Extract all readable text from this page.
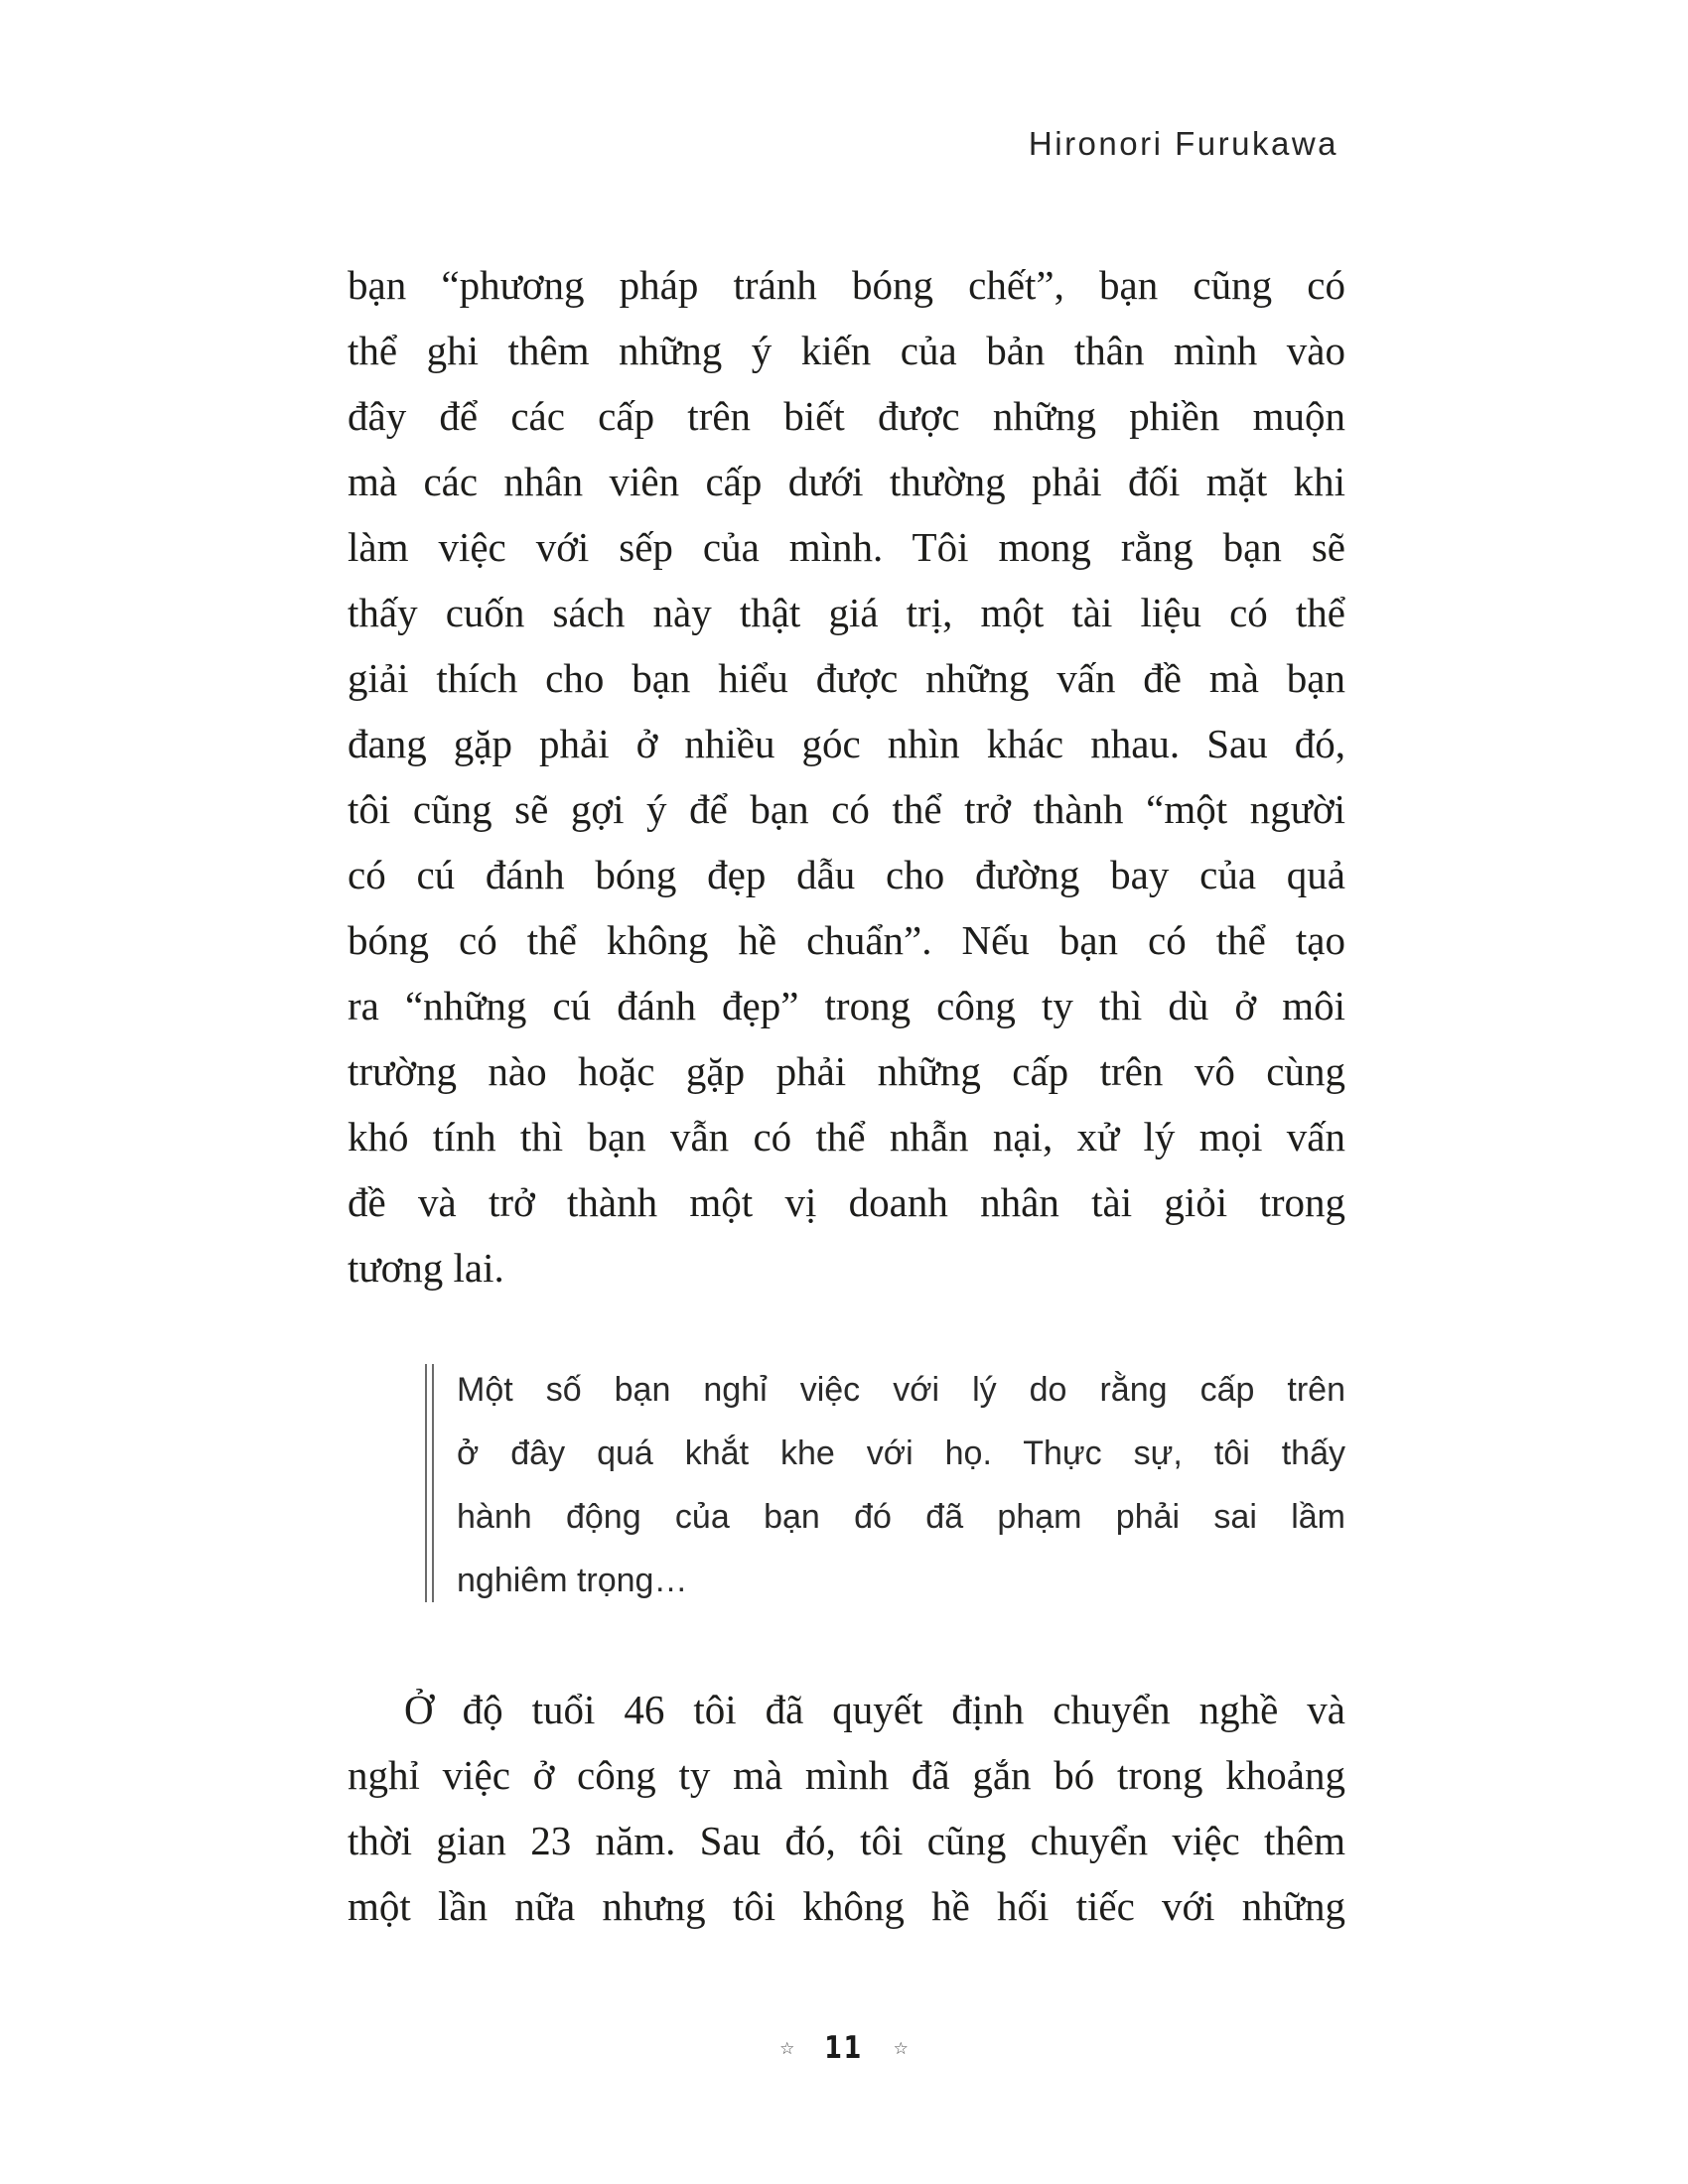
Hironori Furukawa
bạn “phương pháp tránh bóng chết”, bạn cũng có
thể ghi thêm những ý kiến của bản thân mình vào
đây để các cấp trên biết được những phiền muộn
mà các nhân viên cấp dưới thường phải đối mặt khi
làm việc với sếp của mình. Tôi mong rằng bạn sẽ
thấy cuốn sách này thật giá trị, một tài liệu có thể
giải thích cho bạn hiểu được những vấn đề mà bạn
đang gặp phải ở nhiều góc nhìn khác nhau. Sau đó,
tôi cũng sẽ gợi ý để bạn có thể trở thành “một người
có cú đánh bóng đẹp dẫu cho đường bay của quả
bóng có thể không hề chuẩn”. Nếu bạn có thể tạo
ra “những cú đánh đẹp” trong công ty thì dù ở môi
trường nào hoặc gặp phải những cấp trên vô cùng
khó tính thì bạn vẫn có thể nhẫn nại, xử lý mọi vấn
đề và trở thành một vị doanh nhân tài giỏi trong
tương lai.
Một số bạn nghỉ việc với lý do rằng cấp trên
ở đây quá khắt khe với họ. Thực sự, tôi thấy
hành động của bạn đó đã phạm phải sai lầm
nghiêm trọng…
Ở độ tuổi 46 tôi đã quyết định chuyển nghề và
nghỉ việc ở công ty mà mình đã gắn bó trong khoảng
thời gian 23 năm. Sau đó, tôi cũng chuyển việc thêm
một lần nữa nhưng tôi không hề hối tiếc với những
☆ 11 ☆
